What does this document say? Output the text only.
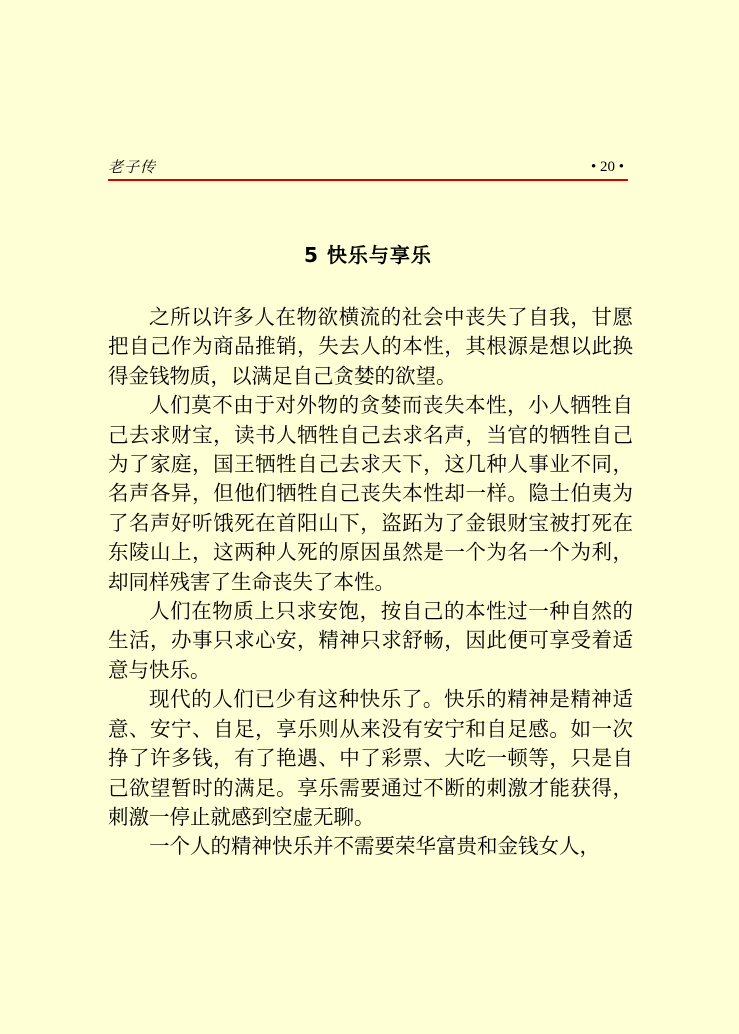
老子传	• 20 •
5 快乐与享乐

之所以许多人在物欲横流的社会中丧失了自我，甘愿把自己作为商品推销，失去人的本性，其根源是想以此换得金钱物质，以满足自己贪婪的欲望。

人们莫不由于对外物的贪婪而丧失本性，小人牺牲自己去求财宝，读书人牺牲自己去求名声，当官的牺牲自己为了家庭，国王牺牲自己去求天下，这几种人事业不同，名声各异，但他们牺牲自己丧失本性却一样。隐士伯夷为了名声好听饿死在首阳山下，盗跖为了金银财宝被打死在东陵山上，这两种人死的原因虽然是一个为名一个为利，却同样残害了生命丧失了本性。

人们在物质上只求安饱，按自己的本性过一种自然的生活，办事只求心安，精神只求舒畅，因此便可享受着适意与快乐。

现代的人们已少有这种快乐了。快乐的精神是精神适意、安宁、自足，享乐则从来没有安宁和自足感。如一次挣了许多钱，有了艳遇、中了彩票、大吃一顿等，只是自己欲望暂时的满足。享乐需要通过不断的刺激才能获得，刺激一停止就感到空虚无聊。

一个人的精神快乐并不需要荣华富贵和金钱女人，
